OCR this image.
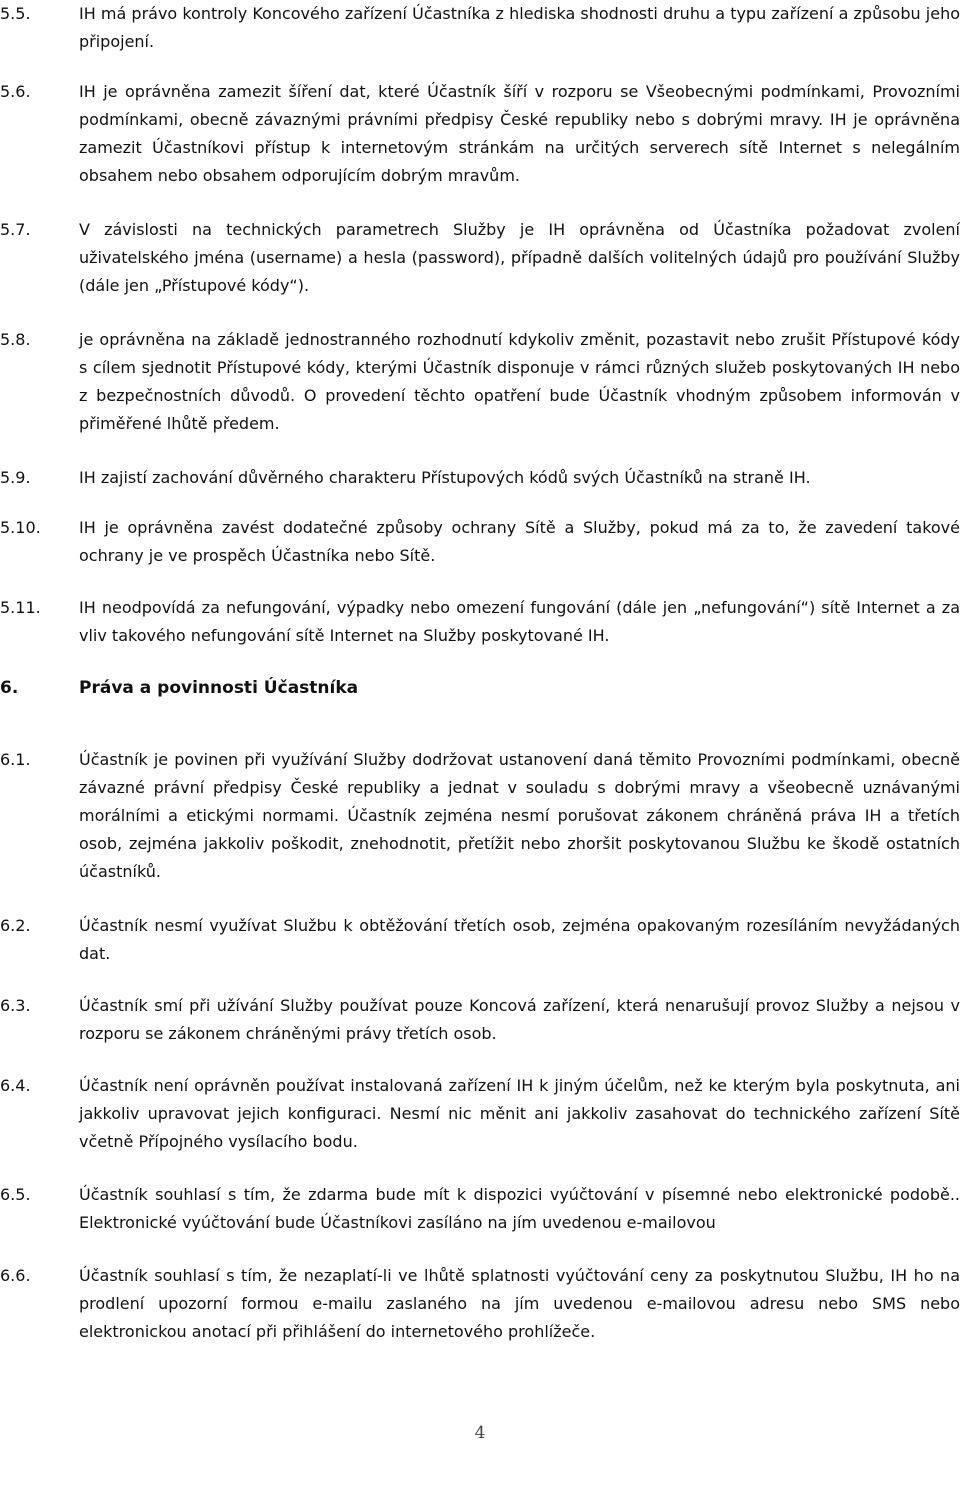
5.5.	IH má právo kontroly Koncového zařízení Účastníka z hlediska shodnosti druhu a typu zařízení a způsobu jeho připojení.
5.6.	IH je oprávněna zamezit šíření dat, které Účastník šíří v rozporu se Všeobecnými podmínkami, Provozními podmínkami, obecně závaznými právními předpisy České republiky nebo s dobrými mravy. IH je oprávněna zamezit Účastníkovi přístup k internetovým stránkám na určitých serverech sítě Internet s nelegálním obsahem nebo obsahem odporujícím dobrým mravům.
5.7.	V závislosti na technických parametrech Služby je IH oprávněna od Účastníka požadovat zvolení uživatelského jména (username) a hesla (password), případně dalších volitelných údajů pro používání Služby (dále jen „Přístupové kódy“).
5.8.	je oprávněna na základě jednostranného rozhodnutí kdykoliv změnit, pozastavit nebo zrušit Přístupové kódy s cílem sjednotit Přístupové kódy, kterými Účastník disponuje v rámci různých služeb poskytovaných IH nebo z bezpečnostních důvodů. O provedení těchto opatření bude Účastník vhodným způsobem informován v přiměřené lhůtě předem.
5.9.	IH zajistí zachování důvěrného charakteru Přístupových kódů svých Účastníků na straně IH.
5.10.	IH je oprávněna zavést dodatečné způsoby ochrany Sítě a Služby, pokud má za to, že zavedení takové ochrany je ve prospěch Účastníka nebo Sítě.
5.11.	IH neodpovídá za nefungování, výpadky nebo omezení fungování (dále jen „nefungování“) sítě Internet a za vliv takového nefungování sítě Internet na Služby poskytované IH.
6.	Práva a povinnosti Účastníka
6.1.	Účastník je povinen při využívání Služby dodržovat ustanovení daná těmito Provozními podmínkami, obecně závazné právní předpisy České republiky a jednat v souladu s dobrými mravy a všeobecně uznávanými morálními a etickými normami. Účastník zejména nesmí porušovat zákonem chráněná práva IH a třetích osob, zejména jakkoliv poškodit, znehodnotit, přetížit nebo zhoršit poskytovanou Službu ke škodě ostatních účastníků.
6.2.	Účastník nesmí využívat Službu k obtěžování třetích osob, zejména opakovaným rozesíláním nevyžádaných dat.
6.3.	Účastník smí při užívání Služby používat pouze Koncová zařízení, která nenarušují provoz Služby a nejsou v rozporu se zákonem chráněnými právy třetích osob.
6.4.	Účastník není oprávněn používat instalovaná zařízení IH k jiným účelům, než ke kterým byla poskytnuta, ani jakkoliv upravovat jejich konfiguraci. Nesmí nic měnit ani jakkoliv zasahovat do technického zařízení Sítě včetně Přípojného vysílacího bodu.
6.5.	Účastník souhlasí s tím, že zdarma bude mít k dispozici vyúčtování v písemné nebo elektronické podobě.. Elektronické vyúčtování bude Účastníkovi zasíláno na jím uvedenou e-mailovou
6.6.	Účastník souhlasí s tím, že nezaplatí-li ve lhůtě splatnosti vyúčtování ceny za poskytnutou Službu, IH ho na prodlení upozorní formou e-mailu zaslaného na jím uvedenou e-mailovou adresu nebo SMS nebo elektronickou anotací při přihlášení do internetového prohlížeče.
4
